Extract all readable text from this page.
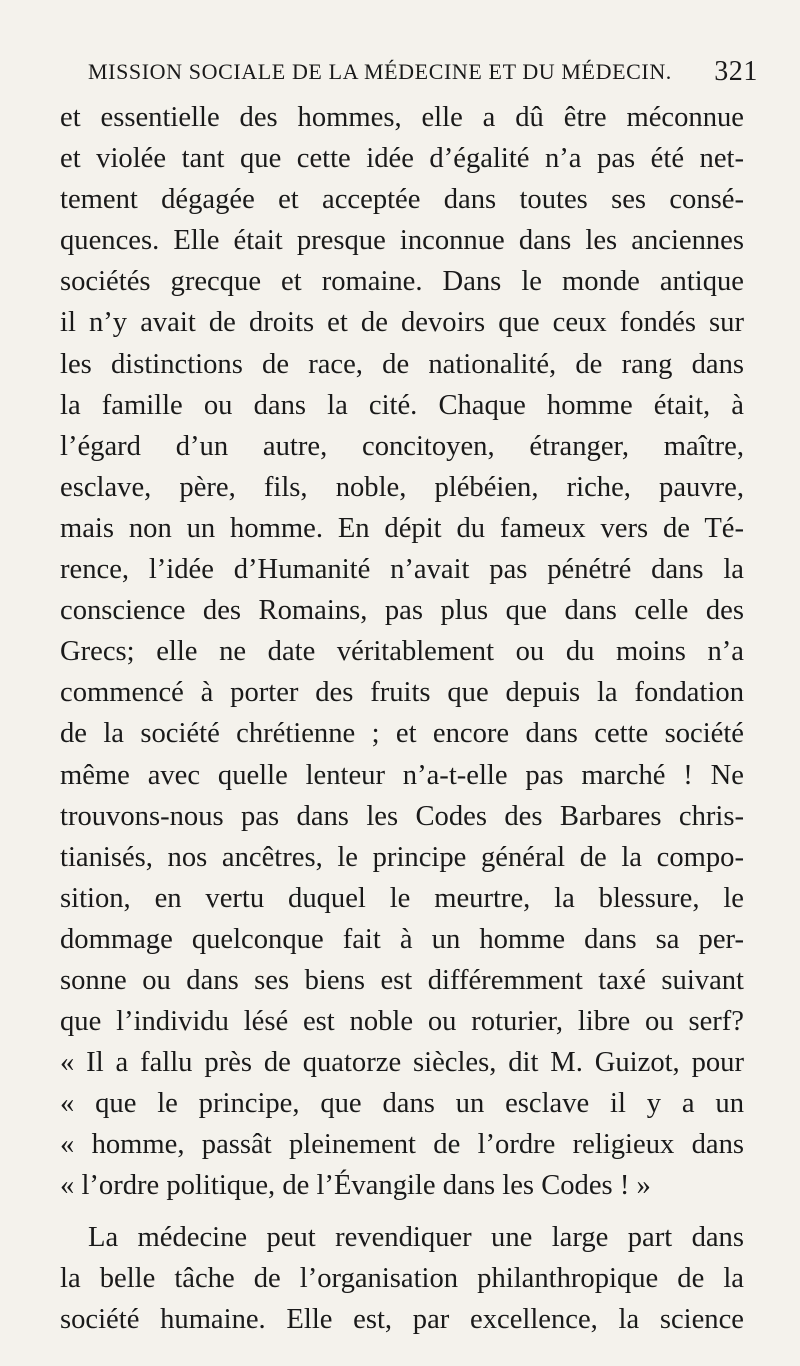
MISSION SOCIALE DE LA MÉDECINE ET DU MÉDECIN. 321
et essentielle des hommes, elle a dû être méconnue
et violée tant que cette idée d’égalité n’a pas été net-
tement dégagée et acceptée dans toutes ses consé-
quences. Elle était presque inconnue dans les anciennes
sociétés grecque et romaine. Dans le monde antique
il n’y avait de droits et de devoirs que ceux fondés sur
les distinctions de race, de nationalité, de rang dans
la famille ou dans la cité. Chaque homme était, à
l’égard d’un autre, concitoyen, étranger, maître,
esclave, père, fils, noble, plébéien, riche, pauvre,
mais non un homme. En dépit du fameux vers de Té-
rence, l’idée d’Humanité n’avait pas pénétré dans la
conscience des Romains, pas plus que dans celle des
Grecs; elle ne date véritablement ou du moins n’a
commencé à porter des fruits que depuis la fondation
de la société chrétienne ; et encore dans cette société
même avec quelle lenteur n’a-t-elle pas marché ! Ne
trouvons-nous pas dans les Codes des Barbares chris-
tianisés, nos ancêtres, le principe général de la compo-
sition, en vertu duquel le meurtre, la blessure, le
dommage quelconque fait à un homme dans sa per-
sonne ou dans ses biens est différemment taxé suivant
que l’individu lésé est noble ou roturier, libre ou serf?
« Il a fallu près de quatorze siècles, dit M. Guizot, pour
« que le principe, que dans un esclave il y a un
« homme, passât pleinement de l’ordre religieux dans
« l’ordre politique, de l’Évangile dans les Codes ! »
La médecine peut revendiquer une large part dans
la belle tâche de l’organisation philanthropique de la
société humaine. Elle est, par excellence, la science
